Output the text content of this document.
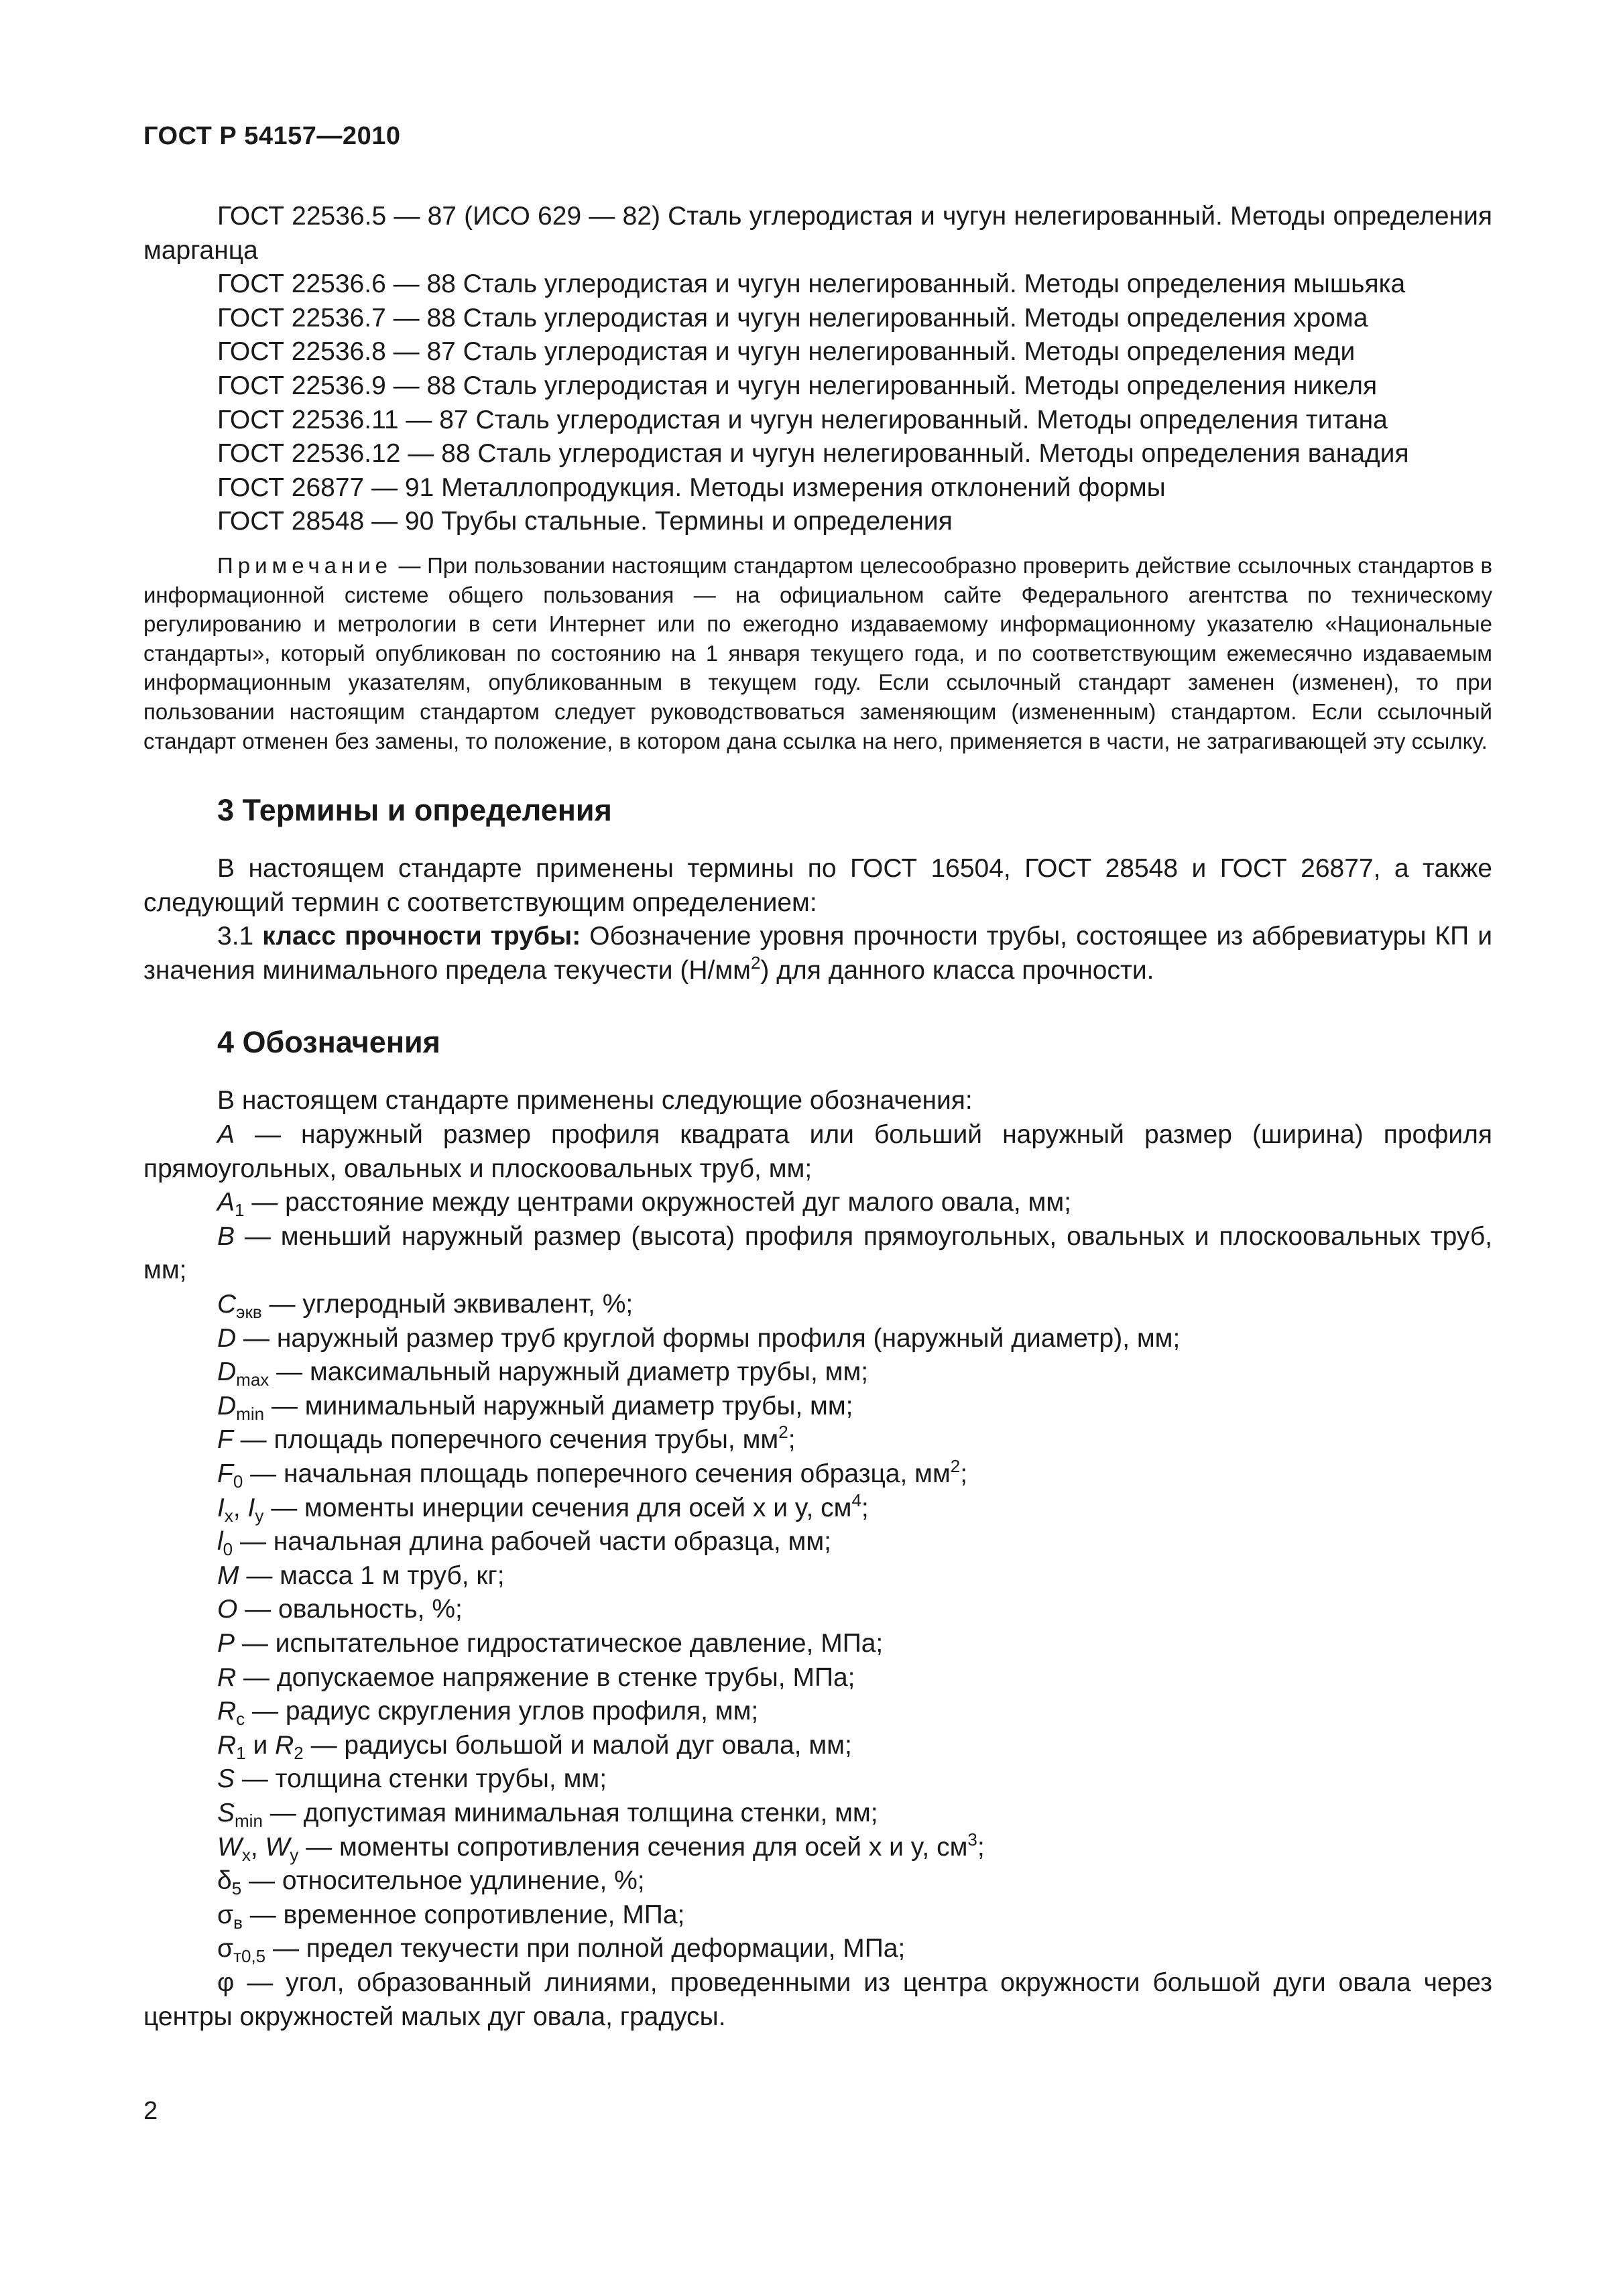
ГОСТ Р 54157—2010

ГОСТ 22536.5 — 87 (ИСО 629 — 82) Сталь углеродистая и чугун нелегированный. Методы определения марганца

ГОСТ 22536.6 — 88 Сталь углеродистая и чугун нелегированный. Методы определения мышьяка

ГОСТ 22536.7 — 88 Сталь углеродистая и чугун нелегированный. Методы определения хрома

ГОСТ 22536.8 — 87 Сталь углеродистая и чугун нелегированный. Методы определения меди

ГОСТ 22536.9 — 88 Сталь углеродистая и чугун нелегированный. Методы определения никеля

ГОСТ 22536.11 — 87 Сталь углеродистая и чугун нелегированный. Методы определения титана

ГОСТ 22536.12 — 88 Сталь углеродистая и чугун нелегированный. Методы определения ванадия

ГОСТ 26877 — 91 Металлопродукция. Методы измерения отклонений формы

ГОСТ 28548 — 90 Трубы стальные. Термины и определения

Примечание — При пользовании настоящим стандартом целесообразно проверить действие ссылочных стандартов в информационной системе общего пользования — на официальном сайте Федерального агентства по техническому регулированию и метрологии в сети Интернет или по ежегодно издаваемому информационному указателю «Национальные стандарты», который опубликован по состоянию на 1 января текущего года, и по соответствующим ежемесячно издаваемым информационным указателям, опубликованным в текущем году. Если ссылочный стандарт заменен (изменен), то при пользовании настоящим стандартом следует руководствоваться заменяющим (измененным) стандартом. Если ссылочный стандарт отменен без замены, то положение, в котором дана ссылка на него, применяется в части, не затрагивающей эту ссылку.

3 Термины и определения

В настоящем стандарте применены термины по ГОСТ 16504, ГОСТ 28548 и ГОСТ 26877, а также следующий термин с соответствующим определением:

3.1 класс прочности трубы: Обозначение уровня прочности трубы, состоящее из аббревиатуры КП и значения минимального предела текучести $(Н/мм^2)$ для данного класса прочности.

4 Обозначения

В настоящем стандарте применены следующие обозначения:

A — наружный размер профиля квадрата или больший наружный размер (ширина) профиля прямоугольных, овальных и плоскоовальных труб, мм;

$A_1$ — расстояние между центрами окружностей дуг малого овала, мм;

B — меньший наружный размер (высота) профиля прямоугольных, овальных и плоскоовальных труб, мм;

$C_{экв}$ — углеродный эквивалент, %;

D — наружный размер труб круглой формы профиля (наружный диаметр), мм;

$D_{max}$ — максимальный наружный диаметр трубы, мм;

$D_{min}$ — минимальный наружный диаметр трубы, мм;

F — площадь поперечного сечения трубы, $мм^2$;

$F_0$ — начальная площадь поперечного сечения образца, $мм^2$;

$I_x$, $I_y$ — моменты инерции сечения для осей x и y, $см^4$;

$l_0$ — начальная длина рабочей части образца, мм;

M — масса 1 м труб, кг;

O — овальность, %;

P — испытательное гидростатическое давление, МПа;

R — допускаемое напряжение в стенке трубы, МПа;

$R_c$ — радиус скругления углов профиля, мм;

$R_1$ и $R_2$ — радиусы большой и малой дуг овала, мм;

S — толщина стенки трубы, мм;

$S_{min}$ — допустимая минимальная толщина стенки, мм;

$W_x$, $W_y$ — моменты сопротивления сечения для осей x и y, $см^3$;

$\delta_5$ — относительное удлинение, %;

$\sigma_в$ — временное сопротивление, МПа;

$\sigma_{т0,5}$ — предел текучести при полной деформации, МПа;

φ — угол, образованный линиями, проведенными из центра окружности большой дуги овала через центры окружностей малых дуг овала, градусы.

2
